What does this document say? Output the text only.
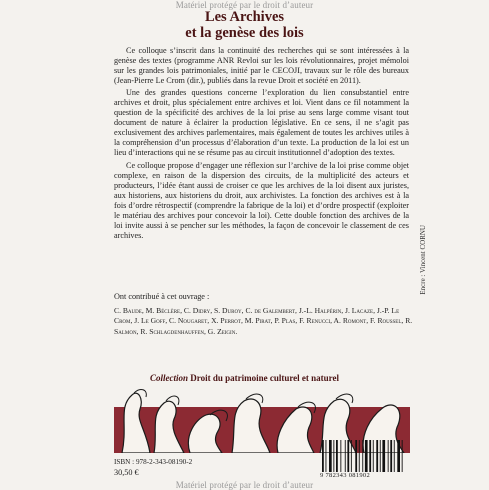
Matériel protégé par le droit d’auteur
Les Archives
et la genèse des lois

Ce colloque s’inscrit dans la continuité des recherches qui se sont intéressées à la genèse des textes (programme ANR Revloi sur les lois révolutionnaires, projet mémoloi sur les grandes lois patrimoniales, initié par le CECOJI, travaux sur le rôle des bureaux (Jean-Pierre Le Crom (dir.), publiés dans la revue Droit et société en 2011).

Une des grandes questions concerne l’exploration du lien consubstantiel entre archives et droit, plus spécialement entre archives et loi. Vient dans ce fil notamment la question de la spécificité des archives de la loi prise au sens large comme visant tout document de nature à éclairer la production législative. En ce sens, il ne s’agit pas exclusivement des archives parlementaires, mais également de toutes les archives utiles à la compréhension d’un processus d’élaboration d’un texte. La production de la loi est un lieu d’interactions qui ne se résume pas au circuit institutionnel d’adoption des textes.

Ce colloque propose d’engager une réflexion sur l’archive de la loi prise comme objet complexe, en raison de la dispersion des circuits, de la multiplicité des acteurs et producteurs, l’idée étant aussi de croiser ce que les archives de la loi disent aux juristes, aux historiens, aux historiens du droit, aux archivistes. La fonction des archives est à la fois d’ordre rétrospectif (comprendre la fabrique de la loi) et d’ordre prospectif (exploiter le matériau des archives pour concevoir la loi). Cette double fonction des archives de la loi invite aussi à se pencher sur les méthodes, la façon de concevoir le classement de ces archives.

Ont contribué à cet ouvrage :
C. Baude, M. Béclère, C. Didry, S. Duroy, C. de Galembert, J.-L. Halpérin, J. Lacaze, J.-P. Le Crom, J. Le Goff, C. Nougaret, X. Perrot, M. Pirat, P. Plas, F. Renucci, A. Romont, F. Roussel, R. Salmon, R. Schlagdenhauffen, G. Zeigin.
Encre : Vincent CORNU
Collection Droit du patrimoine culturel et naturel
ISBN : 978-2-343-08190-2
30,50 €	9 782343 081902
Matériel protégé par le droit d’auteur
